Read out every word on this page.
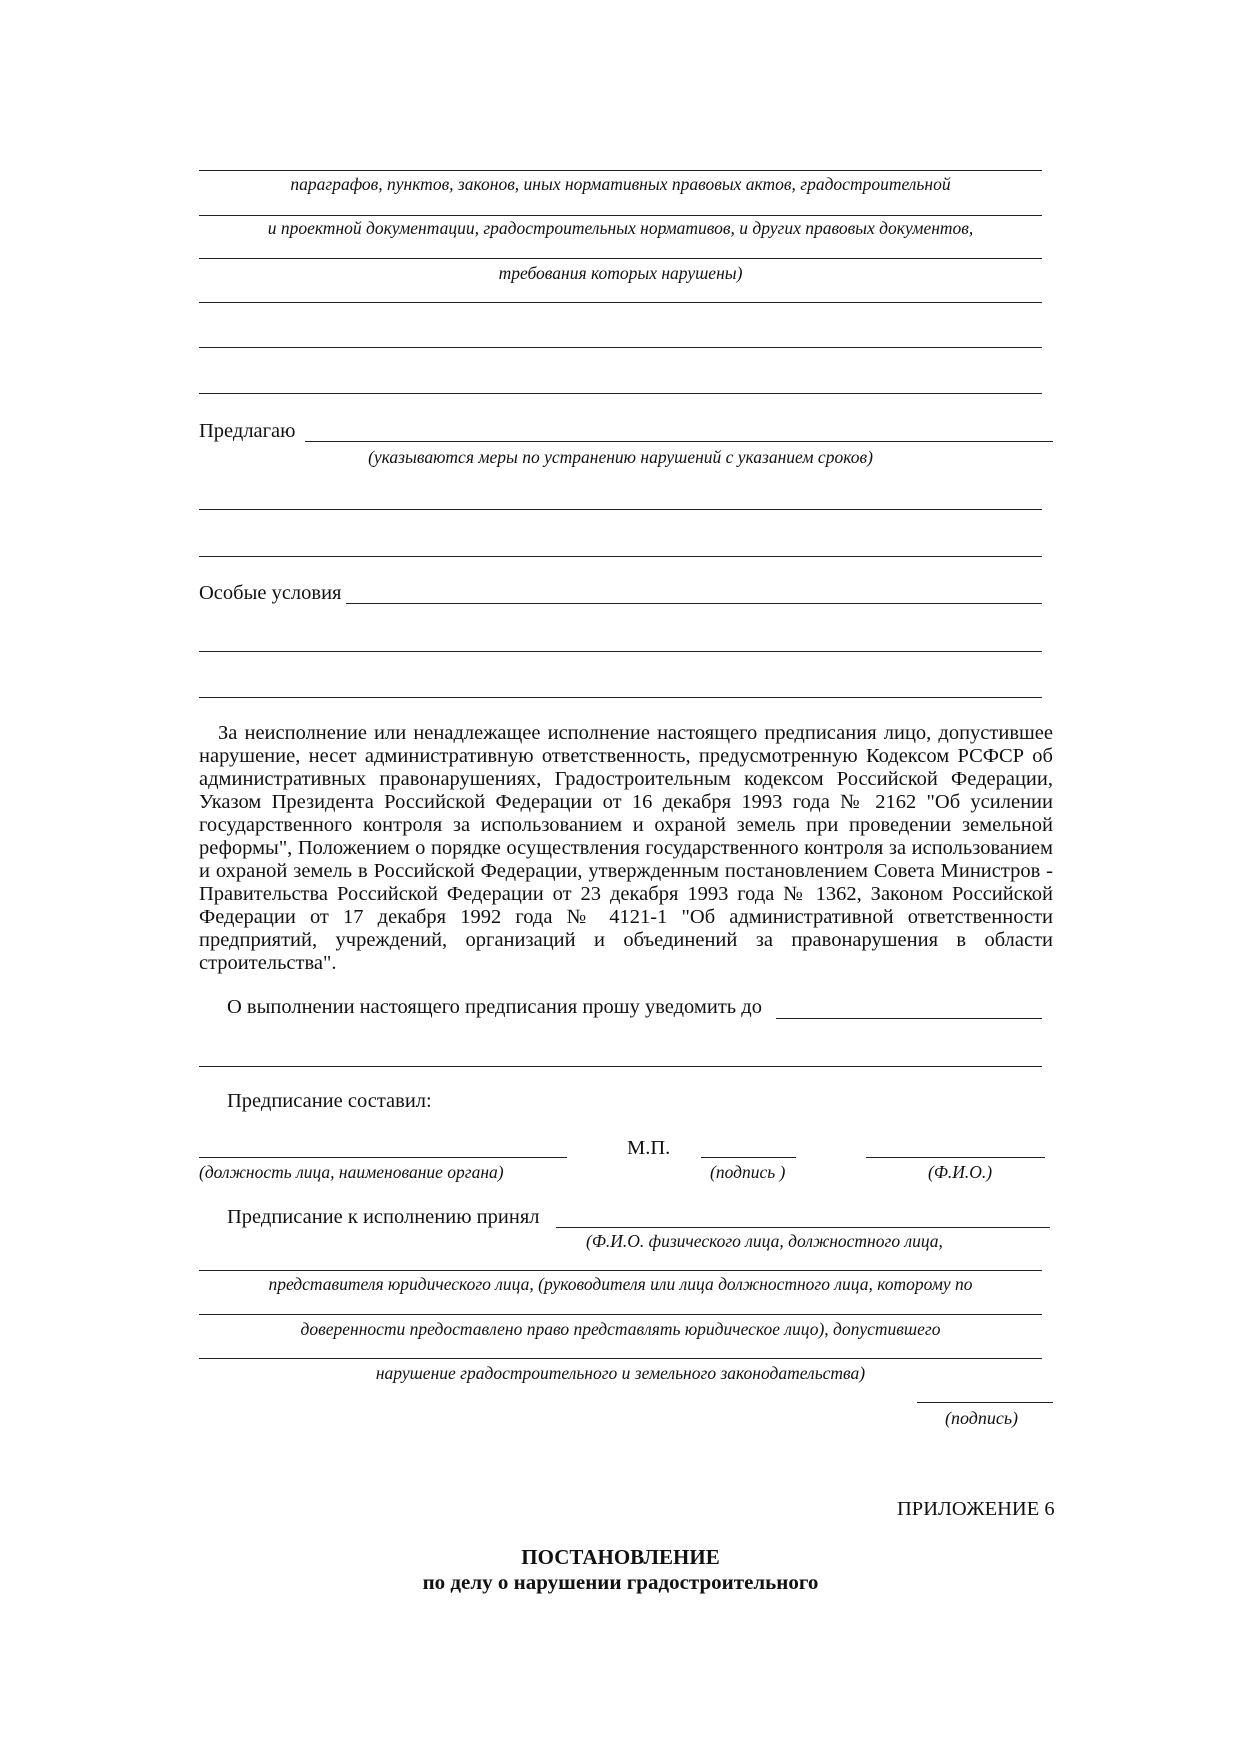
параграфов, пунктов, законов, иных нормативных правовых актов, градостроительной
и проектной документации, градостроительных нормативов, и других правовых документов,
требования которых нарушены)
Предлагаю
(указываются меры по устранению нарушений с указанием сроков)
Особые условия
За неисполнение или ненадлежащее исполнение настоящего предписания лицо, допустившее нарушение, несет административную ответственность, предусмотренную Кодексом РСФСР об административных правонарушениях, Градостроительным кодексом Российской Федерации, Указом Президента Российской Федерации от 16 декабря 1993 года № 2162 "Об усилении государственного контроля за использованием и охраной земель при проведении земельной реформы", Положением о порядке осуществления государственного контроля за использованием и охраной земель в Российской Федерации, утвержденным постановлением Совета Министров - Правительства Российской Федерации от 23 декабря 1993 года № 1362, Законом Российской Федерации от 17 декабря 1992 года № 4121-1 "Об административной ответственности предприятий, учреждений, организаций и объединений за правонарушения в области строительства".
О выполнении настоящего предписания прошу уведомить до
Предписание составил:
М.П.
(должность лица, наименование органа)	(подпись )	(Ф.И.О.)
Предписание к исполнению принял
(Ф.И.О. физического лица, должностного лица,
представителя юридического лица, (руководителя или лица должностного лица, которому по
доверенности предоставлено право представлять юридическое лицо), допустившего
нарушение градостроительного и земельного законодательства)
(подпись)
ПРИЛОЖЕНИЕ 6
ПОСТАНОВЛЕНИЕ
по делу о нарушении градостроительного
